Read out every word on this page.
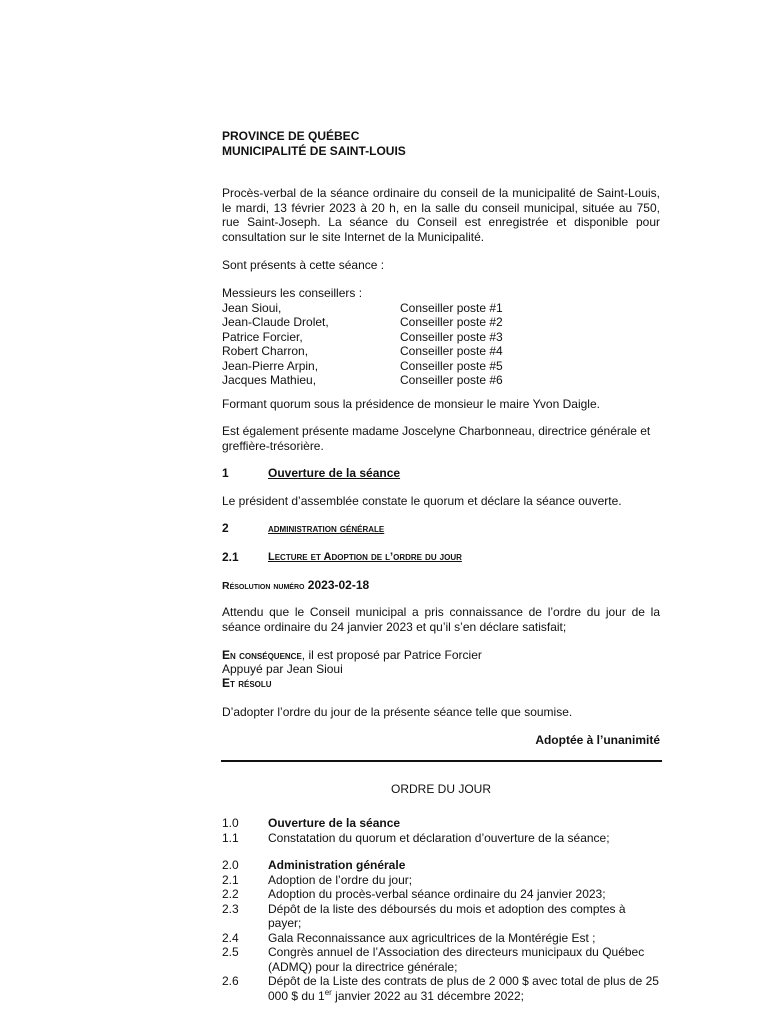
PROVINCE DE QUÉBEC
MUNICIPALITÉ DE SAINT-LOUIS
Procès-verbal de la séance ordinaire du conseil de la municipalité de Saint-Louis, le mardi, 13 février 2023 à 20 h, en la salle du conseil municipal, située au 750, rue Saint-Joseph. La séance du Conseil est enregistrée et disponible pour consultation sur le site Internet de la Municipalité.
Sont présents à cette séance :
Messieurs les conseillers :
Jean Sioui,	Conseiller poste #1
Jean-Claude Drolet,	Conseiller poste #2
Patrice Forcier,	Conseiller poste #3
Robert Charron,	Conseiller poste #4
Jean-Pierre Arpin,	Conseiller poste #5
Jacques Mathieu,	Conseiller poste #6
Formant quorum sous la présidence de monsieur le maire Yvon Daigle.
Est également présente madame Joscelyne Charbonneau, directrice générale et greffière-trésorière.
1	Ouverture de la séance
Le président d’assemblée constate le quorum et déclare la séance ouverte.
2	administration générale
2.1	Lecture et Adoption de l’ordre du jour
Résolution numéro 2023-02-18
Attendu que le Conseil municipal a pris connaissance de l’ordre du jour de la séance ordinaire du 24 janvier 2023 et qu’il s’en déclare satisfait;
En conséquence, il est proposé par Patrice Forcier
Appuyé par Jean Sioui
Et résolu
D’adopter l’ordre du jour de la présente séance telle que soumise.
Adoptée à l’unanimité
ORDRE DU JOUR
1.0 Ouverture de la séance
1.1 Constatation du quorum et déclaration d’ouverture de la séance;
2.0 Administration générale
2.1 Adoption de l’ordre du jour;
2.2 Adoption du procès-verbal séance ordinaire du 24 janvier 2023;
2.3 Dépôt de la liste des déboursés du mois et adoption des comptes à payer;
2.4 Gala Reconnaissance aux agricultrices de la Montérégie Est ;
2.5 Congrès annuel de l’Association des directeurs municipaux du Québec (ADMQ) pour la directrice générale;
2.6 Dépôt de la Liste des contrats de plus de 2 000 $ avec total de plus de 25 000 $ du 1er janvier 2022 au 31 décembre 2022;
